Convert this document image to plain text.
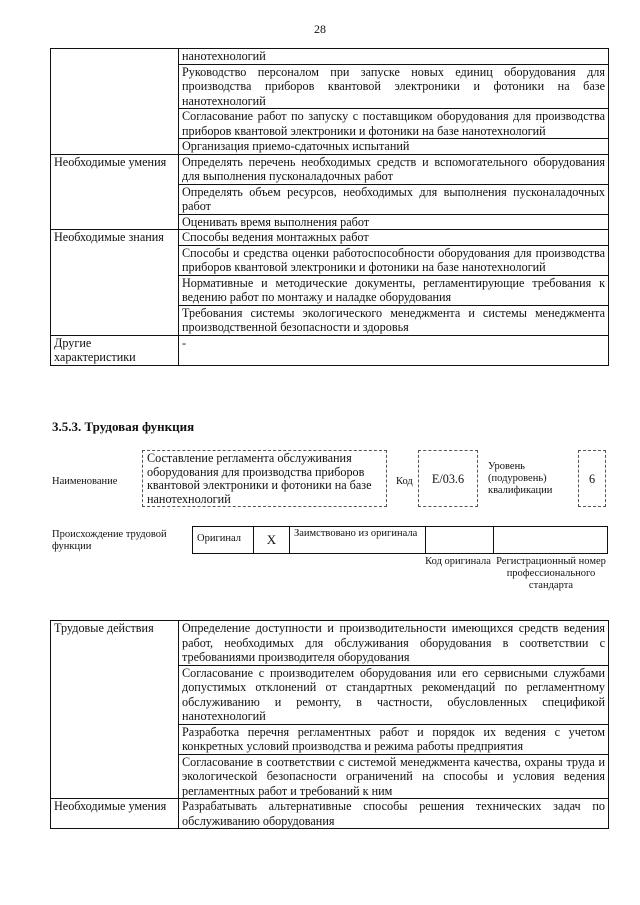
28
	нанотехнологий
	Руководство персоналом при запуске новых единиц оборудования для производства приборов квантовой электроники и фотоники на базе нанотехнологий
	Согласование работ по запуску с поставщиком оборудования для производства приборов квантовой электроники и фотоники на базе нанотехнологий
	Организация приемо-сдаточных испытаний
Необходимые умения	Определять перечень необходимых средств и вспомогательного оборудования для выполнения пусконаладочных работ
	Определять объем ресурсов, необходимых для выполнения пусконаладочных работ
	Оценивать время выполнения работ
Необходимые знания	Способы ведения монтажных работ
	Способы и средства оценки работоспособности оборудования для производства приборов квантовой электроники и фотоники на базе нанотехнологий
	Нормативные и методические документы, регламентирующие требования к ведению работ по монтажу и наладке оборудования
	Требования системы экологического менеджмента и системы менеджмента производственной безопасности и здоровья
Другие характеристики	-
3.5.3. Трудовая функция
Наименование
Составление регламента обслуживания оборудования для производства приборов квантовой электроники и фотоники на базе нанотехнологий
Код	E/03.6
Уровень (подуровень) квалификации
6
Происхождение трудовой функции
Оригинал	X	Заимствовано из оригинала
Код оригинала Регистрационный номер профессионального стандарта
Трудовые действия	Определение доступности и производительности имеющихся средств ведения работ, необходимых для обслуживания оборудования в соответствии с требованиями производителя оборудования
	Согласование с производителем оборудования или его сервисными службами допустимых отклонений от стандартных рекомендаций по регламентному обслуживанию и ремонту, в частности, обусловленных спецификой нанотехнологий
	Разработка перечня регламентных работ и порядок их ведения с учетом конкретных условий производства и режима работы предприятия
	Согласование в соответствии с системой менеджмента качества, охраны труда и экологической безопасности ограничений на способы и условия ведения регламентных работ и требований к ним
Необходимые умения	Разрабатывать альтернативные способы решения технических задач по обслуживанию оборудования
